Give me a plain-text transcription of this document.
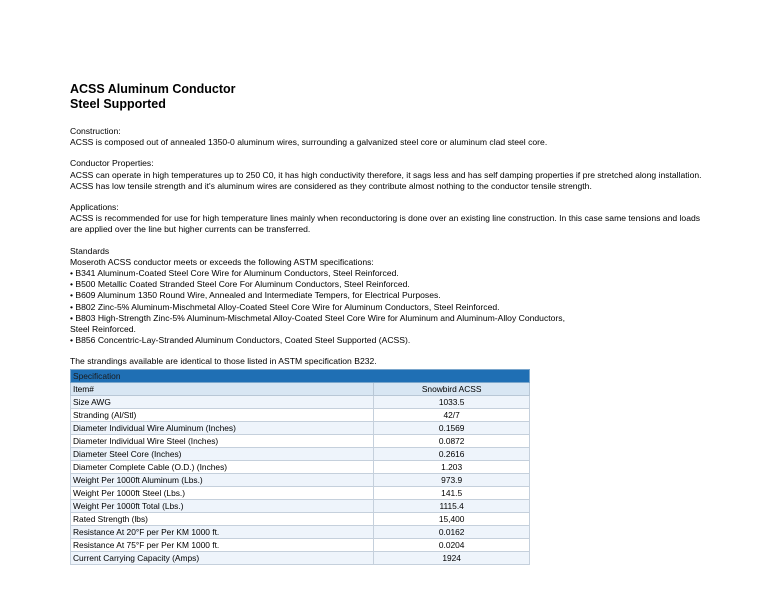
ACSS Aluminum Conductor
Steel Supported
Construction:

ACSS is composed out of annealed 1350-0 aluminum wires, surrounding a galvanized steel core or aluminum clad steel core.

Conductor Properties:

ACSS can operate in high temperatures up to 250 C0, it has high conductivity therefore, it sags less and has self damping properties if pre stretched along installation. ACSS has low tensile strength and it's aluminum wires are considered as they contribute almost nothing to the conductor tensile strength.

Applications:

ACSS is recommended for use for high temperature lines mainly when reconductoring is done over an existing line construction. In this case same tensions and loads are applied over the line but higher currents can be transferred.

Standards

Moseroth ACSS conductor meets or exceeds the following ASTM specifications:

• B341 Aluminum-Coated Steel Core Wire for Aluminum Conductors, Steel Reinforced.
• B500 Metallic Coated Stranded Steel Core For Aluminum Conductors, Steel Reinforced.
• B609 Aluminum 1350 Round Wire, Annealed and Intermediate Tempers, for Electrical Purposes.
• B802 Zinc-5% Aluminum-Mischmetal Alloy-Coated Steel Core Wire for Aluminum Conductors, Steel Reinforced.
• B803 High-Strength Zinc-5% Aluminum-Mischmetal Alloy-Coated Steel Core Wire for Aluminum and Aluminum-Alloy Conductors, Steel Reinforced.
• B856 Concentric-Lay-Stranded Aluminum Conductors, Coated Steel Supported (ACSS).
The strandings available are identical to those listed in ASTM specification B232.
Specification	
Item#	Snowbird ACSS
Size AWG	1033.5
Stranding (Al/Stl)	42/7
Diameter Individual Wire Aluminum (Inches)	0.1569
Diameter Individual Wire Steel (Inches)	0.0872
Diameter Steel Core (Inches)	0.2616
Diameter Complete Cable (O.D.) (Inches)	1.203
Weight Per 1000ft Aluminum (Lbs.)	973.9
Weight Per 1000ft Steel (Lbs.)	141.5
Weight Per 1000ft Total (Lbs.)	1115.4
Rated Strength (lbs)	15,400
Resistance At 20°F per Per KM 1000 ft.	0.0162
Resistance At 75°F per Per KM 1000 ft.	0.0204
Current Carrying Capacity (Amps)	1924
